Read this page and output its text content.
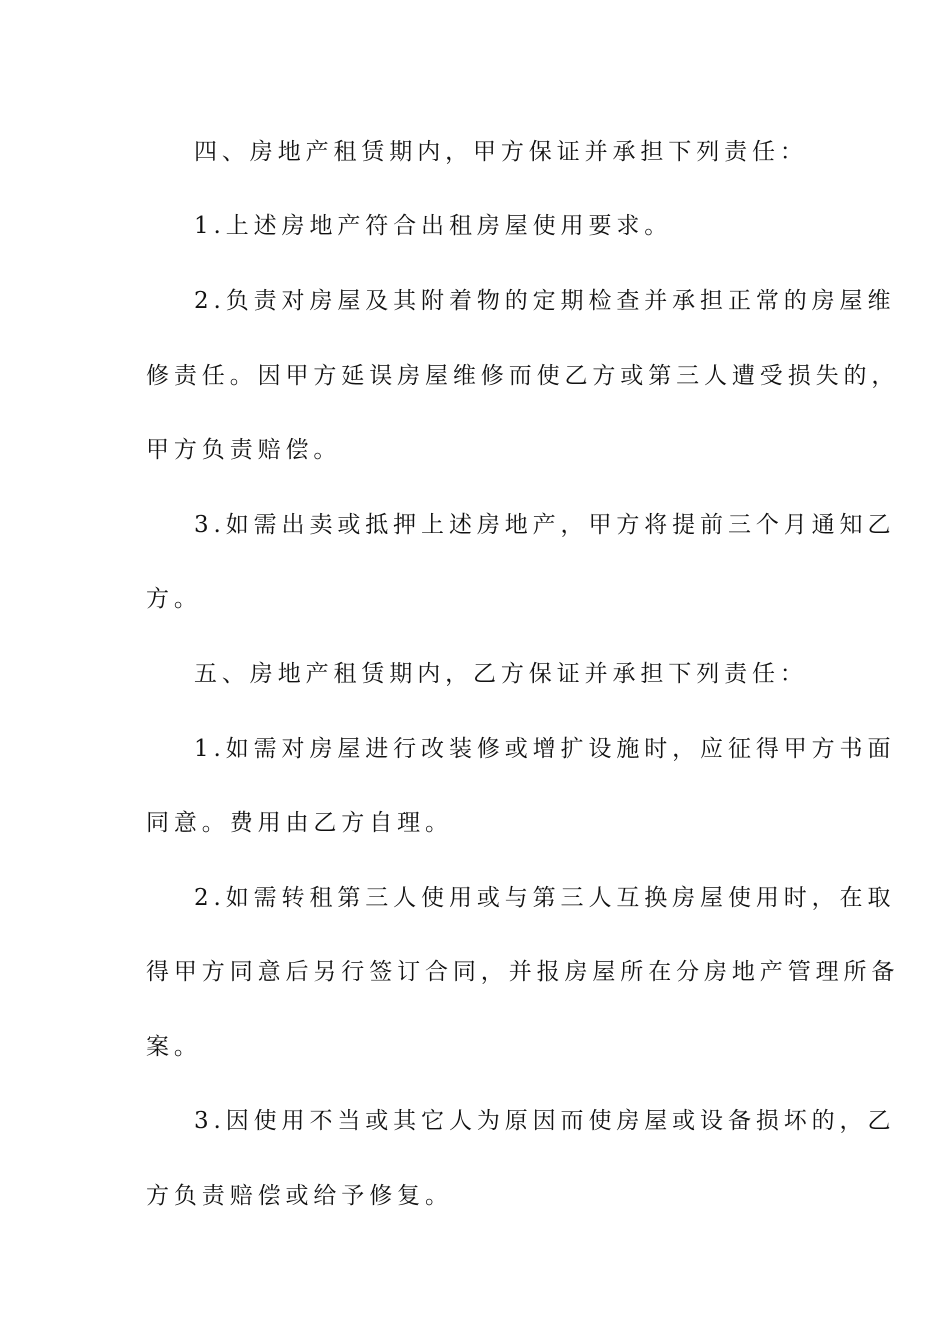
四、房地产租赁期内，甲方保证并承担下列责任：
1.上述房地产符合出租房屋使用要求。
2.负责对房屋及其附着物的定期检查并承担正常的房屋维
修责任。因甲方延误房屋维修而使乙方或第三人遭受损失的，
甲方负责赔偿。
3.如需出卖或抵押上述房地产，甲方将提前三个月通知乙
方。
五、房地产租赁期内，乙方保证并承担下列责任：
1.如需对房屋进行改装修或增扩设施时，应征得甲方书面
同意。费用由乙方自理。
2.如需转租第三人使用或与第三人互换房屋使用时，在取
得甲方同意后另行签订合同，并报房屋所在分房地产管理所备
案。
3.因使用不当或其它人为原因而使房屋或设备损坏的，乙
方负责赔偿或给予修复。
